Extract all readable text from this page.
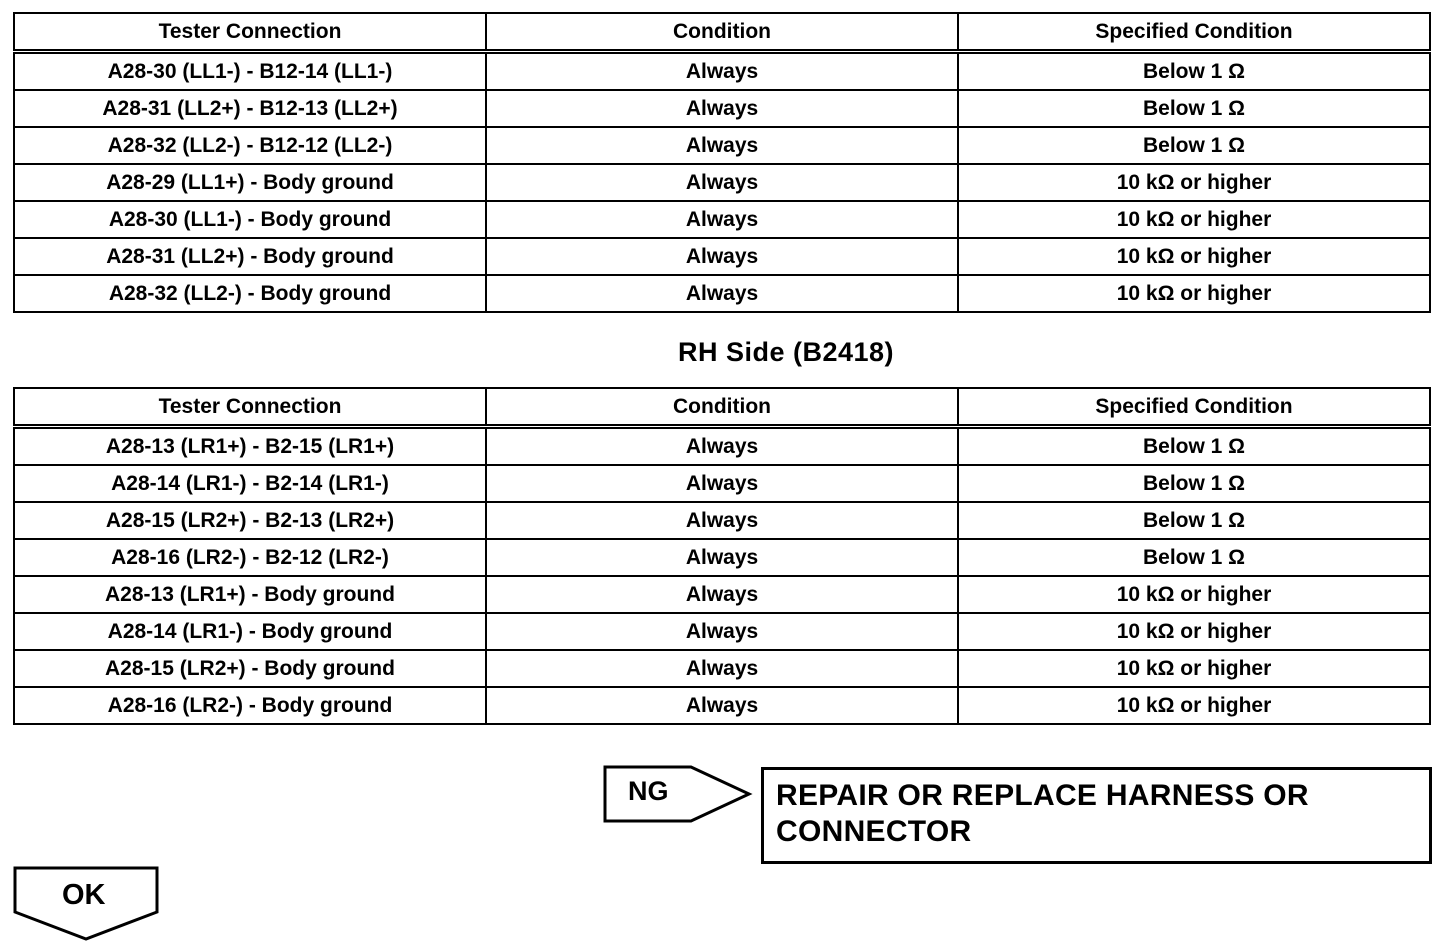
Tester Connection	Condition	Specified Condition
A28-30 (LL1-) - B12-14 (LL1-)	Always	Below 1 Ω
A28-31 (LL2+) - B12-13 (LL2+)	Always	Below 1 Ω
A28-32 (LL2-) - B12-12 (LL2-)	Always	Below 1 Ω
A28-29 (LL1+) - Body ground	Always	10 kΩ or higher
A28-30 (LL1-) - Body ground	Always	10 kΩ or higher
A28-31 (LL2+) - Body ground	Always	10 kΩ or higher
A28-32 (LL2-) - Body ground	Always	10 kΩ or higher
RH Side (B2418)
Tester Connection	Condition	Specified Condition
A28-13 (LR1+) - B2-15 (LR1+)	Always	Below 1 Ω
A28-14 (LR1-) - B2-14 (LR1-)	Always	Below 1 Ω
A28-15 (LR2+) - B2-13 (LR2+)	Always	Below 1 Ω
A28-16 (LR2-) - B2-12 (LR2-)	Always	Below 1 Ω
A28-13 (LR1+) - Body ground	Always	10 kΩ or higher
A28-14 (LR1-) - Body ground	Always	10 kΩ or higher
A28-15 (LR2+) - Body ground	Always	10 kΩ or higher
A28-16 (LR2-) - Body ground	Always	10 kΩ or higher
NG	REPAIR OR REPLACE HARNESS OR
CONNECTOR
OK
